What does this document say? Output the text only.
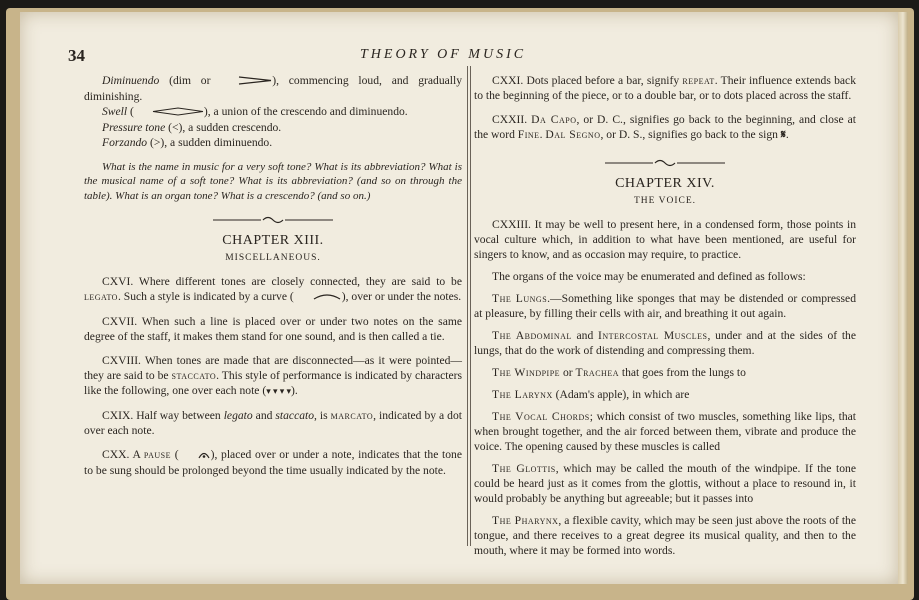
34	THEORY OF MUSIC

Diminuendo (dim or	), commencing loud, and gradually diminishing.

Swell (	), a union of the crescendo and diminuendo.

Pressure tone (<), a sudden crescendo.

Forzando (>), a sudden diminuendo.

What is the name in music for a very soft tone? What is its abbreviation? What is the musical name of a soft tone? What is its abbreviation? (and so on through the table). What is an organ tone? What is a crescendo? (and so on.)

CHAPTER XIII.

MISCELLANEOUS.

CXVI. Where different tones are closely connected, they are said to be legato. Such a style is indicated by a curve (	), over or under the notes.

CXVII. When such a line is placed over or under two notes on the same degree of the staff, it makes them stand for one sound, and is then called a tie.

CXVIII. When tones are made that are disconnected—as it were pointed—they are said to be staccato. This style of performance is indicated by characters like the following, one over each note (▾ ▾ ▾ ▾).

CXIX. Half way between legato and staccato, is marcato, indicated by a dot over each note.

CXX. A pause (	), placed over or under a note, indicates that the tone to be sung should be prolonged beyond the time usually indicated by the note.

CXXI. Dots placed before a bar, signify repeat. Their influence extends back to the beginning of the piece, or to a double bar, or to dots placed across the staff.

CXXII. Da Capo, or D. C., signifies go back to the beginning, and close at the word Fine. Dal Segno, or D. S., signifies go back to the sign 𝄋.

CHAPTER XIV.

THE VOICE.

CXXIII. It may be well to present here, in a condensed form, those points in vocal culture which, in addition to what have been mentioned, are useful for singers to know, and as occasion may require, to practice.

The organs of the voice may be enumerated and defined as follows:

The Lungs.—Something like sponges that may be distended or compressed at pleasure, by filling their cells with air, and breathing it out again.

The Abdominal and Intercostal Muscles, under and at the sides of the lungs, that do the work of distending and compressing them.

The Windpipe or Trachea that goes from the lungs to

The Larynx (Adam's apple), in which are

The Vocal Chords; which consist of two muscles, something like lips, that when brought together, and the air forced between them, vibrate and produce the voice. The opening caused by these muscles is called

The Glottis, which may be called the mouth of the windpipe. If the tone could be heard just as it comes from the glottis, without a place to resound in, it would probably be anything but agreeable; but it passes into

The Pharynx, a flexible cavity, which may be seen just above the roots of the tongue, and there receives to a great degree its musical quality, and then to the mouth, where it may be formed into words.
